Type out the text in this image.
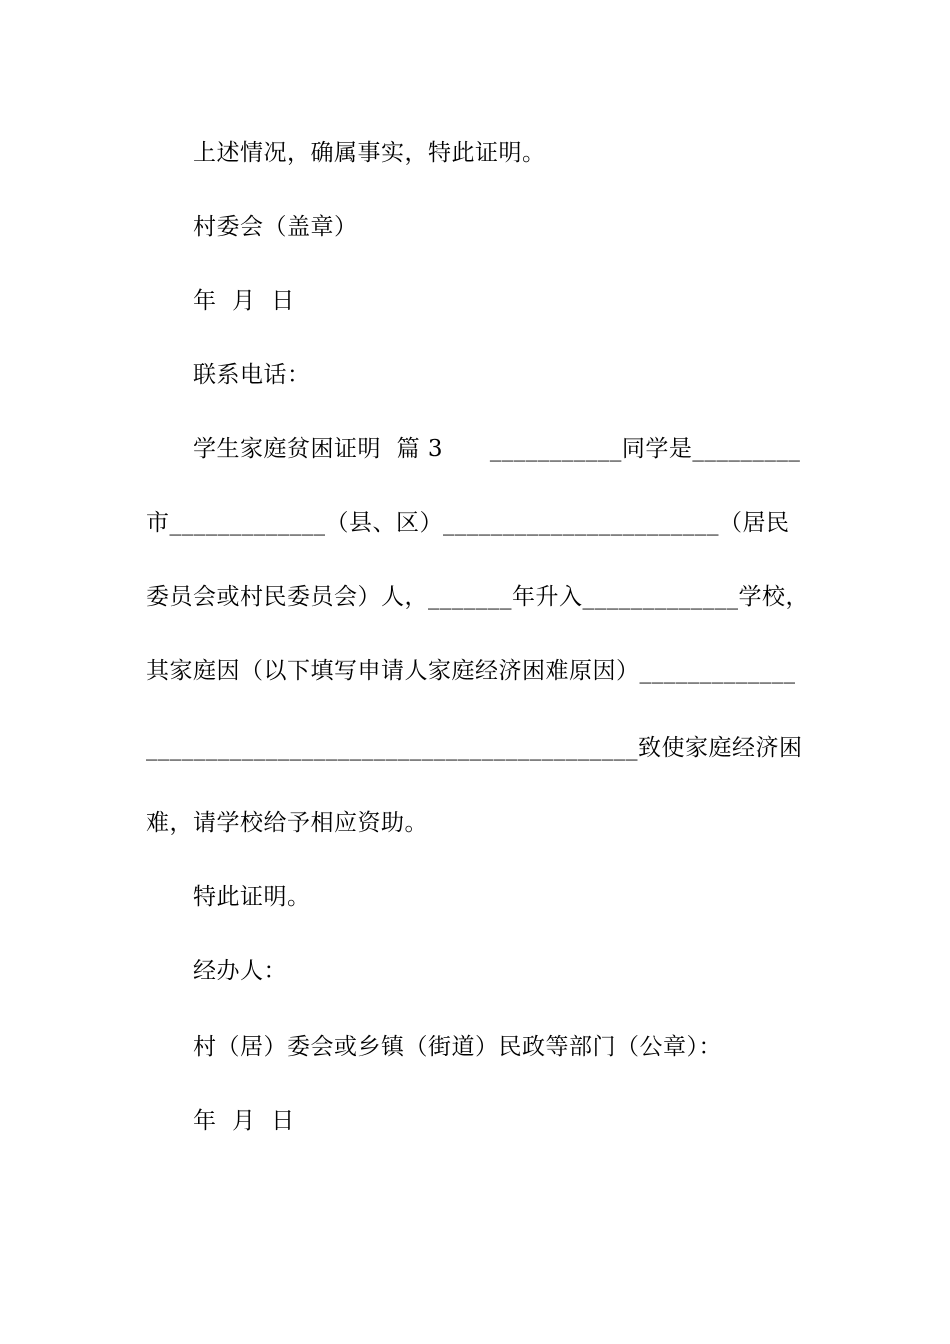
上述情况，确属事实，特此证明。
村委会（盖章）
年  月  日
联系电话：
学生家庭贫困证明  篇 3      ___________同学是_________
市_____________（县、区）_______________________（居民
委员会或村民委员会）人，_______年升入_____________学校，
其家庭因（以下填写申请人家庭经济困难原因）_____________
_________________________________________致使家庭经济困
难，请学校给予相应资助。
特此证明。
经办人：
村（居）委会或乡镇（街道）民政等部门（公章）：
年  月  日
